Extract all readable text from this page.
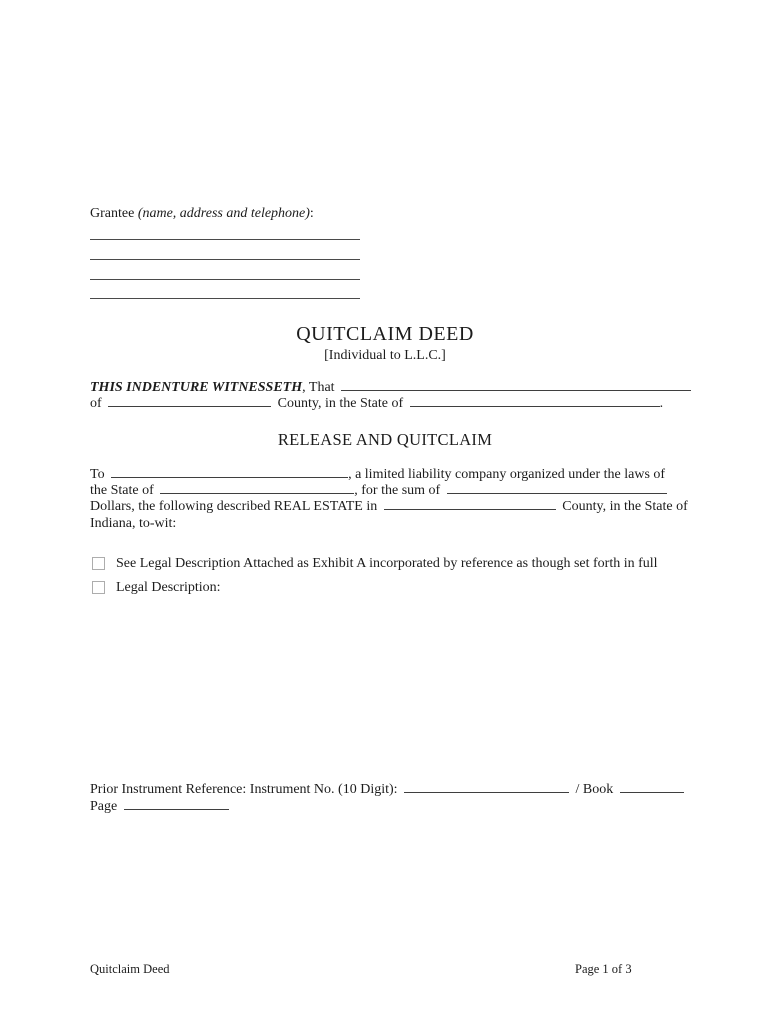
Grantee (name, address and telephone):
QUITCLAIM DEED
[Individual to L.L.C.]
THIS INDENTURE WITNESSETH, That
of	County, in the State of	.
RELEASE AND QUITCLAIM
To	, a limited liability company organized under the laws of
the State of	, for the sum of
Dollars, the following described REAL ESTATE in	County, in the State of
Indiana, to-wit:
See Legal Description Attached as Exhibit A incorporated by reference as though set forth in full
Legal Description:
Prior Instrument Reference: Instrument No. (10 Digit):	/ Book
Page
Quitclaim Deed	Page 1 of 3
